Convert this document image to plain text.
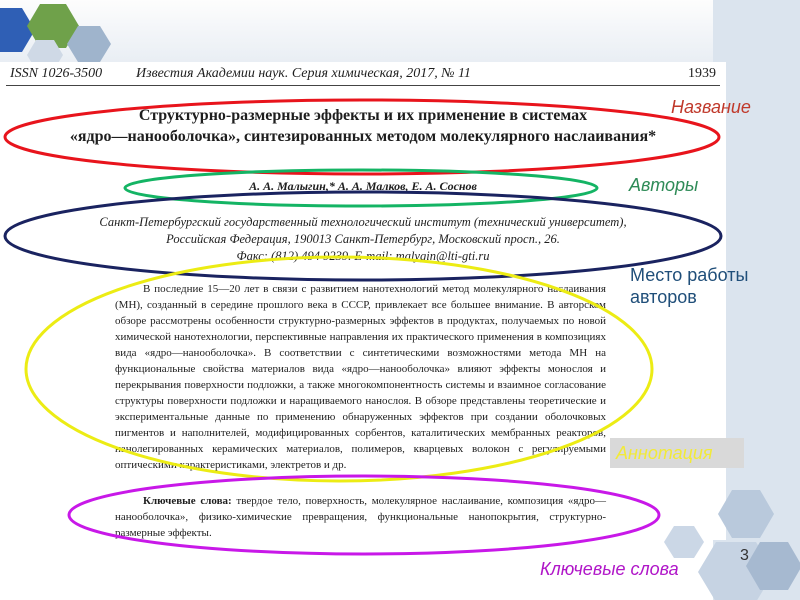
ISSN 1026-3500 Известия Академии наук. Серия химическая, 2017, № 11	1939
Структурно-размерные эффекты и их применение в системах
«ядро—нанооболочка», синтезированных методом молекулярного наслаивания*
А. А. Малыгин,* А. А. Малков, Е. А. Соснов
Санкт-Петербургский государственный технологический институт (технический университет),
Российская Федерация, 190013 Санкт-Петербург, Московский просп., 26.
Факс: (812) 494 9239. E-mail: malygin@lti-gti.ru
В последние 15—20 лет в связи с развитием нанотехнологий метод молекулярного наслаивания (МН), созданный в середине прошлого века в СССР, привлекает все большее внимание. В авторском обзоре рассмотрены особенности структурно-размерных эффектов в продуктах, получаемых по новой химической нанотехнологии, перспективные направления их практического применения в композициях вида «ядро—нанооболочка». В соответствии с синтетическими возможностями метода МН на функциональные свойства материалов вида «ядро—нанооболочка» влияют эффекты монослоя и перекрывания поверхности подложки, а также многокомпонентность системы и взаимное согласование структуры поверхности подложки и наращиваемого нанослоя. В обзоре представлены теоретические и экспериментальные данные по применению обнаруженных эффектов при создании оболочковых пигментов и наполнителей, модифицированных сорбентов, каталитических мембранных реакторов, нанолегированных керамических материалов, полимеров, кварцевых волокон с регулируемыми оптическими характеристиками, электретов и др.
Ключевые слова: твердое тело, поверхность, молекулярное наслаивание, композиция «ядро—нанооболочка», физико-химические превращения, функциональные нанопокрытия, структурно-размерные эффекты.
Название
Авторы
Место работы авторов
Аннотация
Ключевые слова
3
